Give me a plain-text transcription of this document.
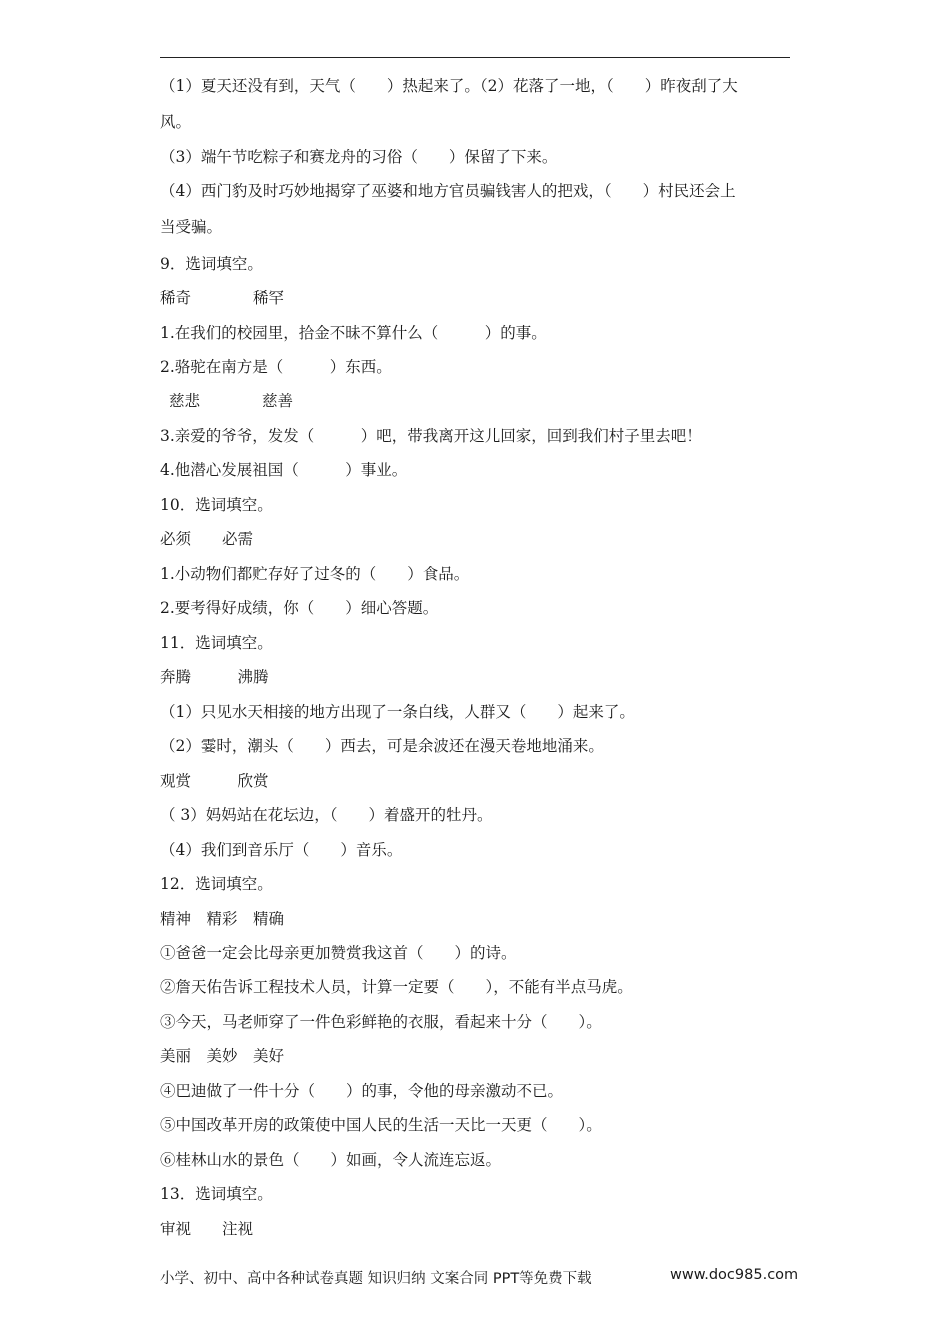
（1）夏天还没有到，天气（　　）热起来了。（2）花落了一地，（　　）昨夜刮了大
风。
（3）端午节吃粽子和赛龙舟的习俗（　　）保留了下来。
（4）西门豹及时巧妙地揭穿了巫婆和地方官员骗钱害人的把戏，（　　）村民还会上
当受骗。
9．选词填空。
稀奇　　　　稀罕
1.在我们的校园里，拾金不昧不算什么（　　　）的事。
2.骆驼在南方是（　　　）东西。
慈悲　　　　慈善
3.亲爱的爷爷，发发（　　　）吧，带我离开这儿回家，回到我们村子里去吧！
4.他潜心发展祖国（　　　）事业。
10．选词填空。
必须　　必需
1.小动物们都贮存好了过冬的（　　）食品。
2.要考得好成绩，你（　　）细心答题。
11．选词填空。
奔腾　　　沸腾
（1）只见水天相接的地方出现了一条白线，人群又（　　）起来了。
（2）霎时，潮头（　　）西去，可是余波还在漫天卷地地涌来。
观赏　　　欣赏
（ 3）妈妈站在花坛边，（　　）着盛开的牡丹。
（4）我们到音乐厅（　　）音乐。
12．选词填空。
精神　精彩　精确
①爸爸一定会比母亲更加赞赏我这首（　　）的诗。
②詹天佑告诉工程技术人员，计算一定要（　　），不能有半点马虎。
③今天，马老师穿了一件色彩鲜艳的衣服，看起来十分（　　）。
美丽　美妙　美好
④巴迪做了一件十分（　　）的事，令他的母亲激动不已。
⑤中国改革开房的政策使中国人民的生活一天比一天更（　　）。
⑥桂林山水的景色（　　）如画，令人流连忘返。
13．选词填空。
审视　　注视
小学、初中、高中各种试卷真题 知识归纳 文案合同 PPT等免费下载	www.doc985.com
